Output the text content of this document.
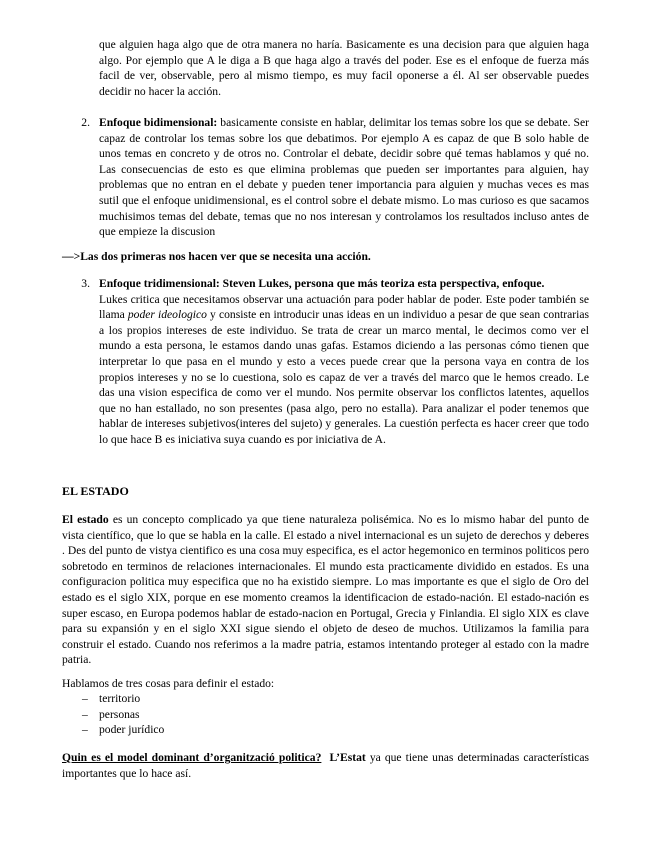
que alguien haga algo que de otra manera no haría. Basicamente es una decision para que alguien haga algo. Por ejemplo que A le diga a B que haga algo a través del poder. Ese es el enfoque de fuerza más facil de ver, observable, pero al mismo tiempo, es muy facil oponerse a él. Al ser observable puedes decidir no hacer la acción.
2. Enfoque bidimensional: basicamente consiste en hablar, delimitar los temas sobre los que se debate. Ser capaz de controlar los temas sobre los que debatimos. Por ejemplo A es capaz de que B solo hable de unos temas en concreto y de otros no. Controlar el debate, decidir sobre qué temas hablamos y qué no. Las consecuencias de esto es que elimina problemas que pueden ser importantes para alguien, hay problemas que no entran en el debate y pueden tener importancia para alguien y muchas veces es mas sutil que el enfoque unidimensional, es el control sobre el debate mismo. Lo mas curioso es que sacamos muchisimos temas del debate, temas que no nos interesan y controlamos los resultados incluso antes de que empieze la discusion
—>Las dos primeras nos hacen ver que se necesita una acción.
3. Enfoque tridimensional: Steven Lukes, persona que más teoriza esta perspectiva, enfoque.
Lukes critica que necesitamos observar una actuación para poder hablar de poder. Este poder también se llama poder ideologico y consiste en introducir unas ideas en un individuo a pesar de que sean contrarias a los propios intereses de este individuo. Se trata de crear un marco mental, le decimos como ver el mundo a esta persona, le estamos dando unas gafas. Estamos diciendo a las personas cómo tienen que interpretar lo que pasa en el mundo y esto a veces puede crear que la persona vaya en contra de los propios intereses y no se lo cuestiona, solo es capaz de ver a través del marco que le hemos creado. Le das una vision especifica de como ver el mundo. Nos permite observar los conflictos latentes, aquellos que no han estallado, no son presentes (pasa algo, pero no estalla). Para analizar el poder tenemos que hablar de intereses subjetivos(interes del sujeto) y generales. La cuestión perfecta es hacer creer que todo lo que hace B es iniciativa suya cuando es por iniciativa de A.
EL ESTADO
El estado es un concepto complicado ya que tiene naturaleza polisémica. No es lo mismo habar del punto de vista científico, que lo que se habla en la calle. El estado a nivel internacional es un sujeto de derechos y deberes . Des del punto de vistya cientifico es una cosa muy especifica, es el actor hegemonico en terminos politicos pero sobretodo en terminos de relaciones internacionales. El mundo esta practicamente dividido en estados. Es una configuracion politica muy especifica que no ha existido siempre. Lo mas importante es que el siglo de Oro del estado es el siglo XIX, porque en ese momento creamos la identificacion de estado-nación. El estado-nación es super escaso, en Europa podemos hablar de estado-nacion en Portugal, Grecia y Finlandia. El siglo XIX es clave para su expansión y en el siglo XXI sigue siendo el objeto de deseo de muchos. Utilizamos la familia para construir el estado. Cuando nos referimos a la madre patria, estamos intentando proteger al estado con la madre patria.
Hablamos de tres cosas para definir el estado:
– territorio
– personas
– poder jurídico
Quin es el model dominant d’organització politica? L’Estat ya que tiene unas determinadas características importantes que lo hace así.
